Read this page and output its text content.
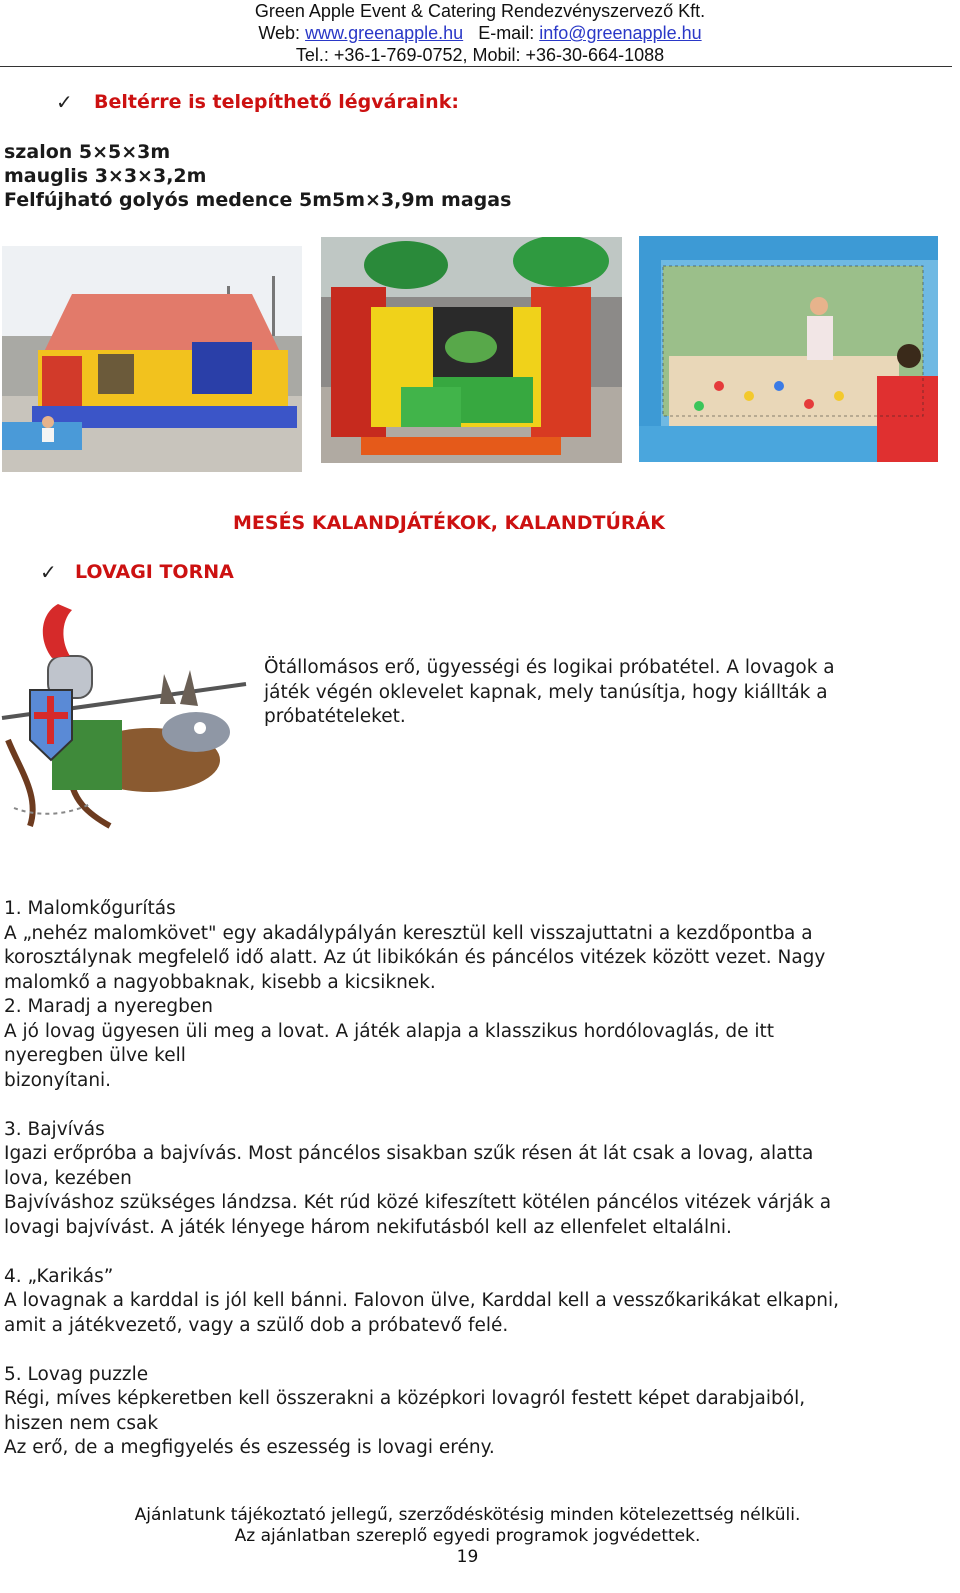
Green Apple Event & Catering Rendezvényszervező Kft.
Web: www.greenapple.hu E-mail: info@greenapple.hu
Tel.: +36-1-769-0752, Mobil: +36-30-664-1088
✓ Beltérre is telepíthető légváraink:
szalon 5×5×3m
mauglis 3×3×3,2m
Felfújható golyós medence 5m5m×3,9m magas
MESÉS KALANDJÁTÉKOK, KALANDTÚRÁK
✓ LOVAGI TORNA
Ötállomásos erő, ügyességi és logikai próbatétel. A lovagok a
játék végén oklevelet kapnak, mely tanúsítja, hogy kiállták a
próbatételeket.
1. Malomkőgurítás
A „nehéz malomkövet" egy akadálypályán keresztül kell visszajuttatni a kezdőpontba a
korosztálynak megfelelő idő alatt. Az út libikókán és páncélos vitézek között vezet. Nagy
malomkő a nagyobbaknak, kisebb a kicsiknek.
2. Maradj a nyeregben
A jó lovag ügyesen üli meg a lovat. A játék alapja a klasszikus hordólovaglás, de itt
nyeregben ülve kell
bizonyítani.
3. Bajvívás
Igazi erőpróba a bajvívás. Most páncélos sisakban szűk résen át lát csak a lovag, alatta
lova, kezében
Bajvíváshoz szükséges lándzsa. Két rúd közé kifeszített kötélen páncélos vitézek várják a
lovagi bajvívást. A játék lényege három nekifutásból kell az ellenfelet eltalálni.
4. „Karikás”
A lovagnak a karddal is jól kell bánni. Falovon ülve, Karddal kell a vesszőkarikákat elkapni,
amit a játékvezető, vagy a szülő dob a próbatevő felé.
5. Lovag puzzle
Régi, míves képkeretben kell összerakni a középkori lovagról festett képet darabjaiból,
hiszen nem csak
Az erő, de a megfigyelés és eszesség is lovagi erény.
Ajánlatunk tájékoztató jellegű, szerződéskötésig minden kötelezettség nélküli.
Az ajánlatban szereplő egyedi programok jogvédettek.
19
